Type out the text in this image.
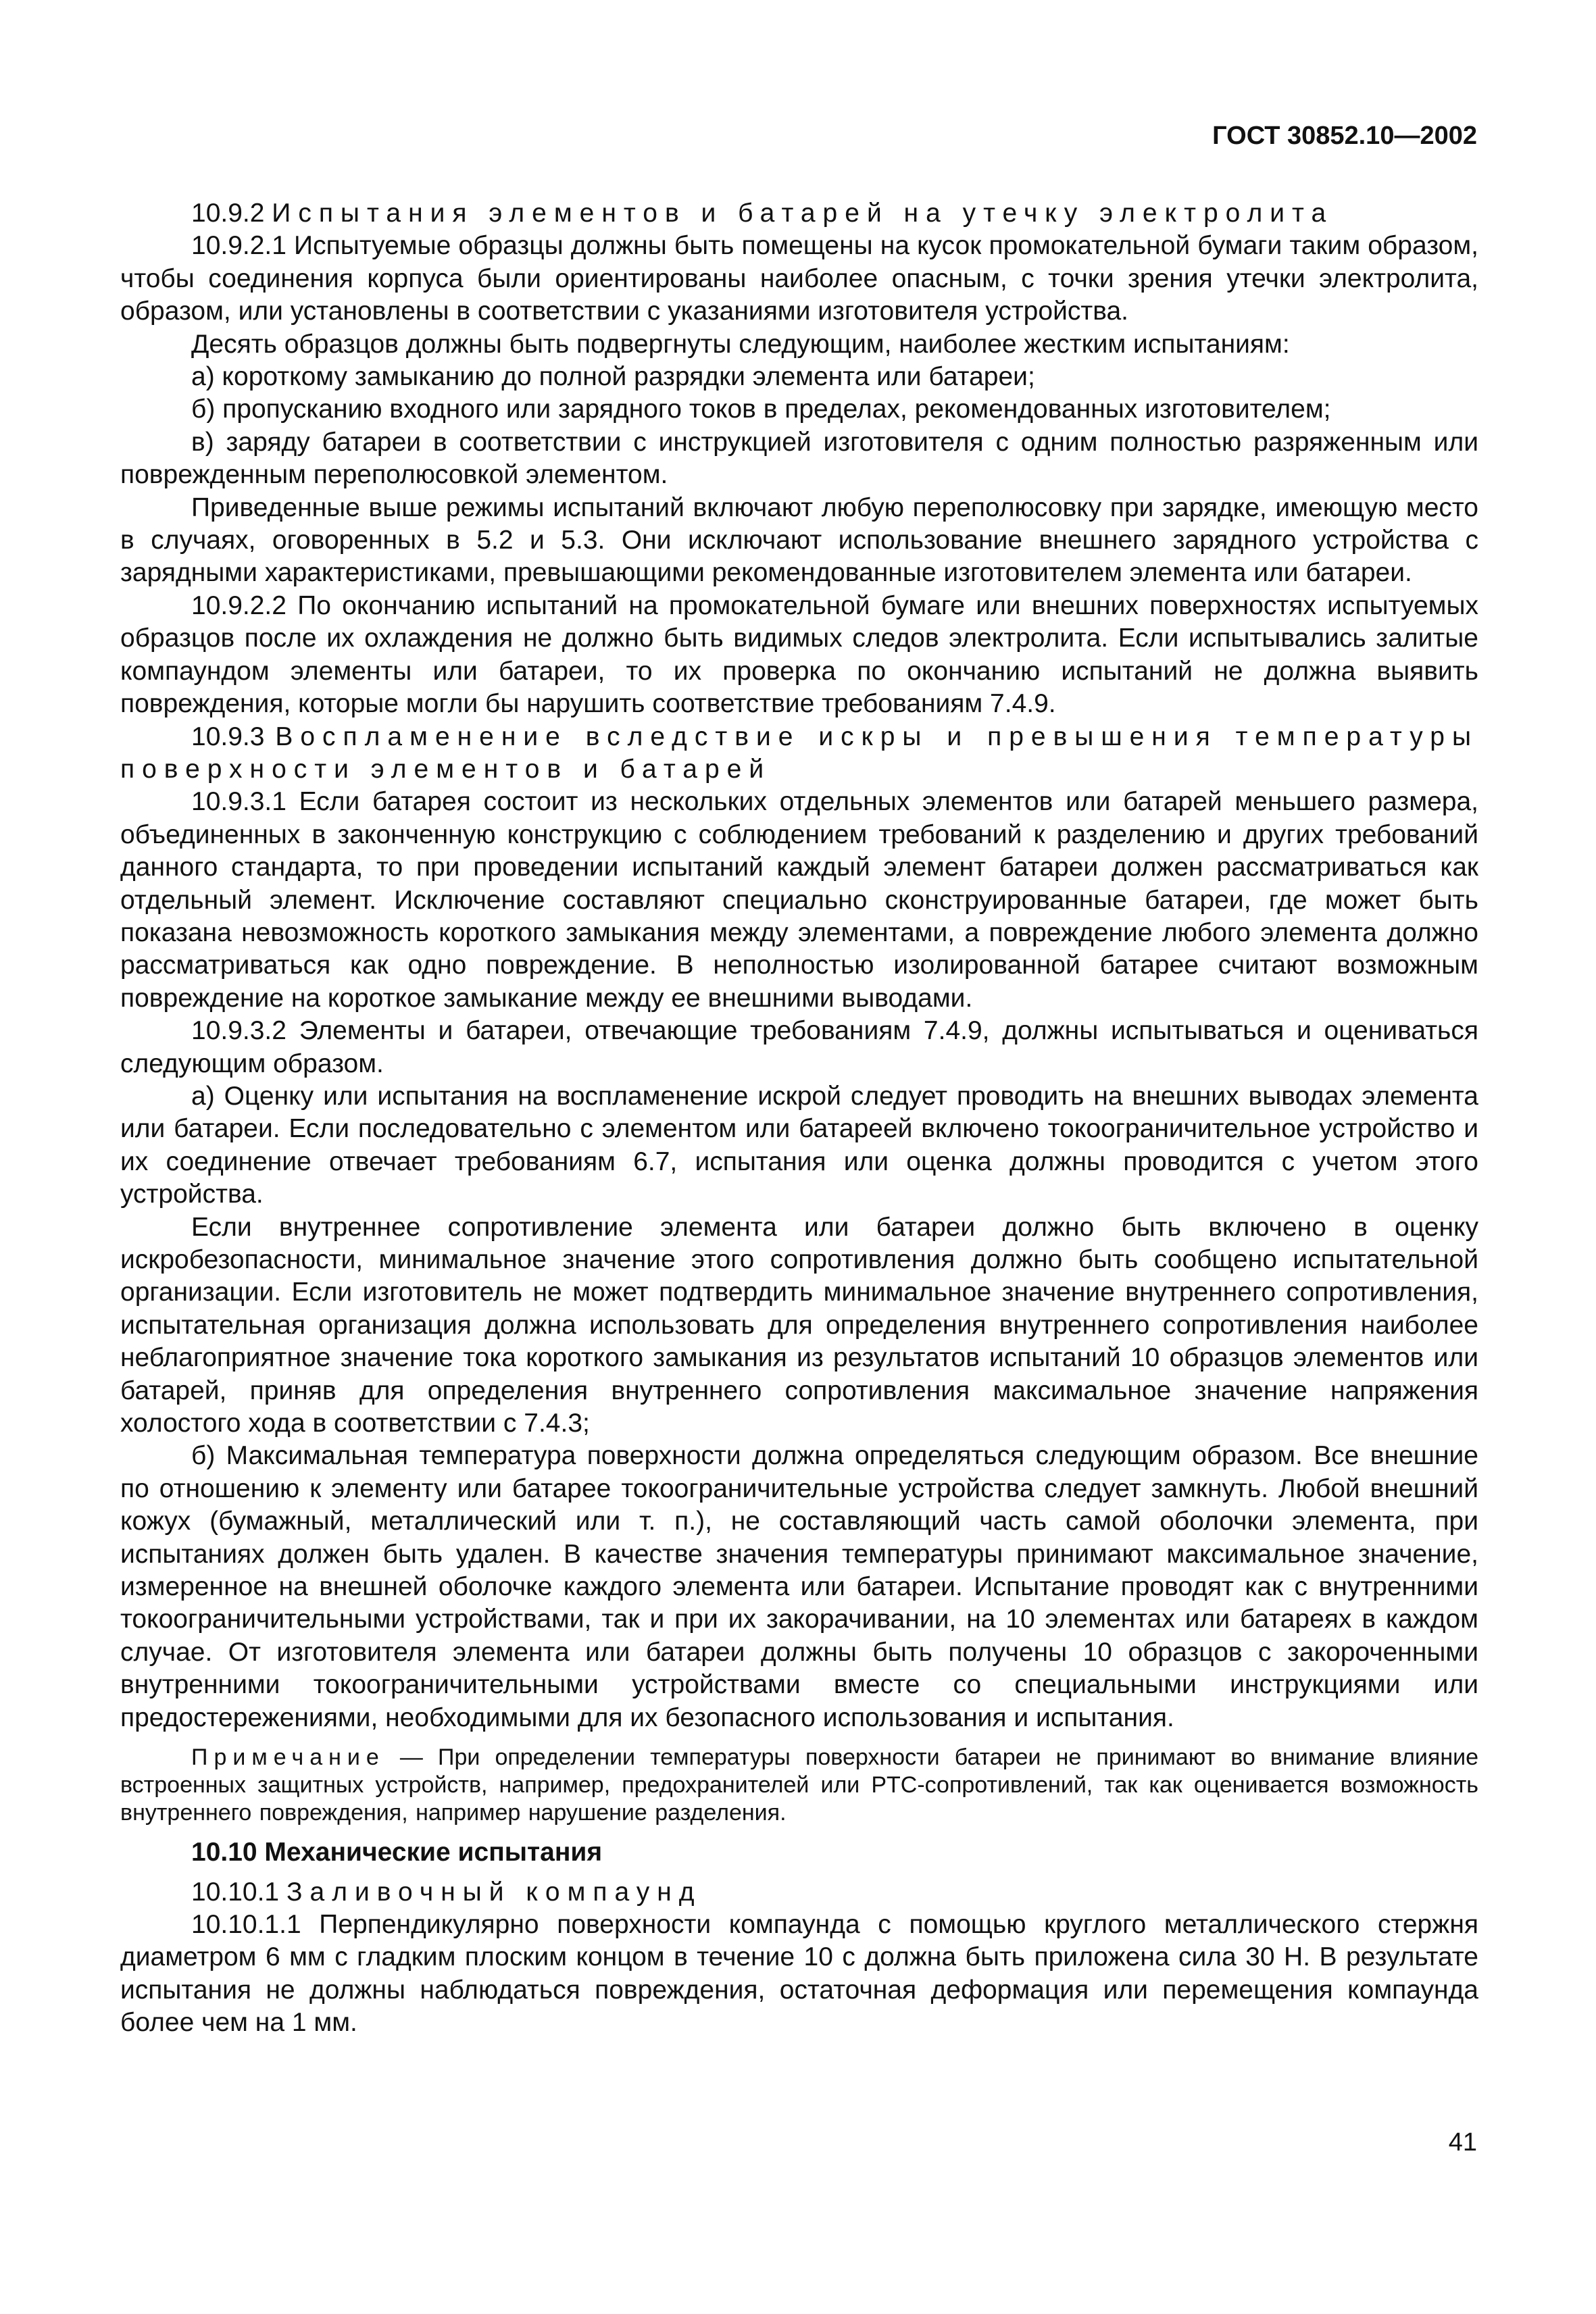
ГОСТ 30852.10—2002

10.9.2 Испытания элементов и батарей на утечку электролита

10.9.2.1 Испытуемые образцы должны быть помещены на кусок промокательной бумаги таким образом, чтобы соединения корпуса были ориентированы наиболее опасным, с точки зрения утечки электролита, образом, или установлены в соответствии с указаниями изготовителя устройства.

Десять образцов должны быть подвергнуты следующим, наиболее жестким испытаниям:

а) короткому замыканию до полной разрядки элемента или батареи;

б) пропусканию входного или зарядного токов в пределах, рекомендованных изготовителем;

в) заряду батареи в соответствии с инструкцией изготовителя с одним полностью разряженным или поврежденным переполюсовкой элементом.

Приведенные выше режимы испытаний включают любую переполюсовку при зарядке, имеющую место в случаях, оговоренных в 5.2 и 5.3. Они исключают использование внешнего зарядного устройства с зарядными характеристиками, превышающими рекомендованные изготовителем элемента или батареи.

10.9.2.2 По окончанию испытаний на промокательной бумаге или внешних поверхностях испытуемых образцов после их охлаждения не должно быть видимых следов электролита. Если испытывались залитые компаундом элементы или батареи, то их проверка по окончанию испытаний не должна выявить повреждения, которые могли бы нарушить соответствие требованиям 7.4.9.

10.9.3 Воспламенение вследствие искры и превышения температуры поверхности элементов и батарей

10.9.3.1 Если батарея состоит из нескольких отдельных элементов или батарей меньшего размера, объединенных в законченную конструкцию с соблюдением требований к разделению и других требований данного стандарта, то при проведении испытаний каждый элемент батареи должен рассматриваться как отдельный элемент. Исключение составляют специально сконструированные батареи, где может быть показана невозможность короткого замыкания между элементами, а повреждение любого элемента должно рассматриваться как одно повреждение. В неполностью изолированной батарее считают возможным повреждение на короткое замыкание между ее внешними выводами.

10.9.3.2 Элементы и батареи, отвечающие требованиям 7.4.9, должны испытываться и оцениваться следующим образом.

а) Оценку или испытания на воспламенение искрой следует проводить на внешних выводах элемента или батареи. Если последовательно с элементом или батареей включено токоограничительное устройство и их соединение отвечает требованиям 6.7, испытания или оценка должны проводится с учетом этого устройства.

Если внутреннее сопротивление элемента или батареи должно быть включено в оценку искробезопасности, минимальное значение этого сопротивления должно быть сообщено испытательной организации. Если изготовитель не может подтвердить минимальное значение внутреннего сопротивления, испытательная организация должна использовать для определения внутреннего сопротивления наиболее неблагоприятное значение тока короткого замыкания из результатов испытаний 10 образцов элементов или батарей, приняв для определения внутреннего сопротивления максимальное значение напряжения холостого хода в соответствии с 7.4.3;

б) Максимальная температура поверхности должна определяться следующим образом. Все внешние по отношению к элементу или батарее токоограничительные устройства следует замкнуть. Любой внешний кожух (бумажный, металлический или т. п.), не составляющий часть самой оболочки элемента, при испытаниях должен быть удален. В качестве значения температуры принимают максимальное значение, измеренное на внешней оболочке каждого элемента или батареи. Испытание проводят как с внутренними токоограничительными устройствами, так и при их закорачивании, на 10 элементах или батареях в каждом случае. От изготовителя элемента или батареи должны быть получены 10 образцов с закороченными внутренними токоограничительными устройствами вместе со специальными инструкциями или предостережениями, необходимыми для их безопасного использования и испытания.

Примечание — При определении температуры поверхности батареи не принимают во внимание влияние встроенных защитных устройств, например, предохранителей или PTC-сопротивлений, так как оценивается возможность внутреннего повреждения, например нарушение разделения.

10.10 Механические испытания

10.10.1 Заливочный компаунд

10.10.1.1 Перпендикулярно поверхности компаунда с помощью круглого металлического стержня диаметром 6 мм с гладким плоским концом в течение 10 с должна быть приложена сила 30 Н. В результате испытания не должны наблюдаться повреждения, остаточная деформация или перемещения компаунда более чем на 1 мм.

41
